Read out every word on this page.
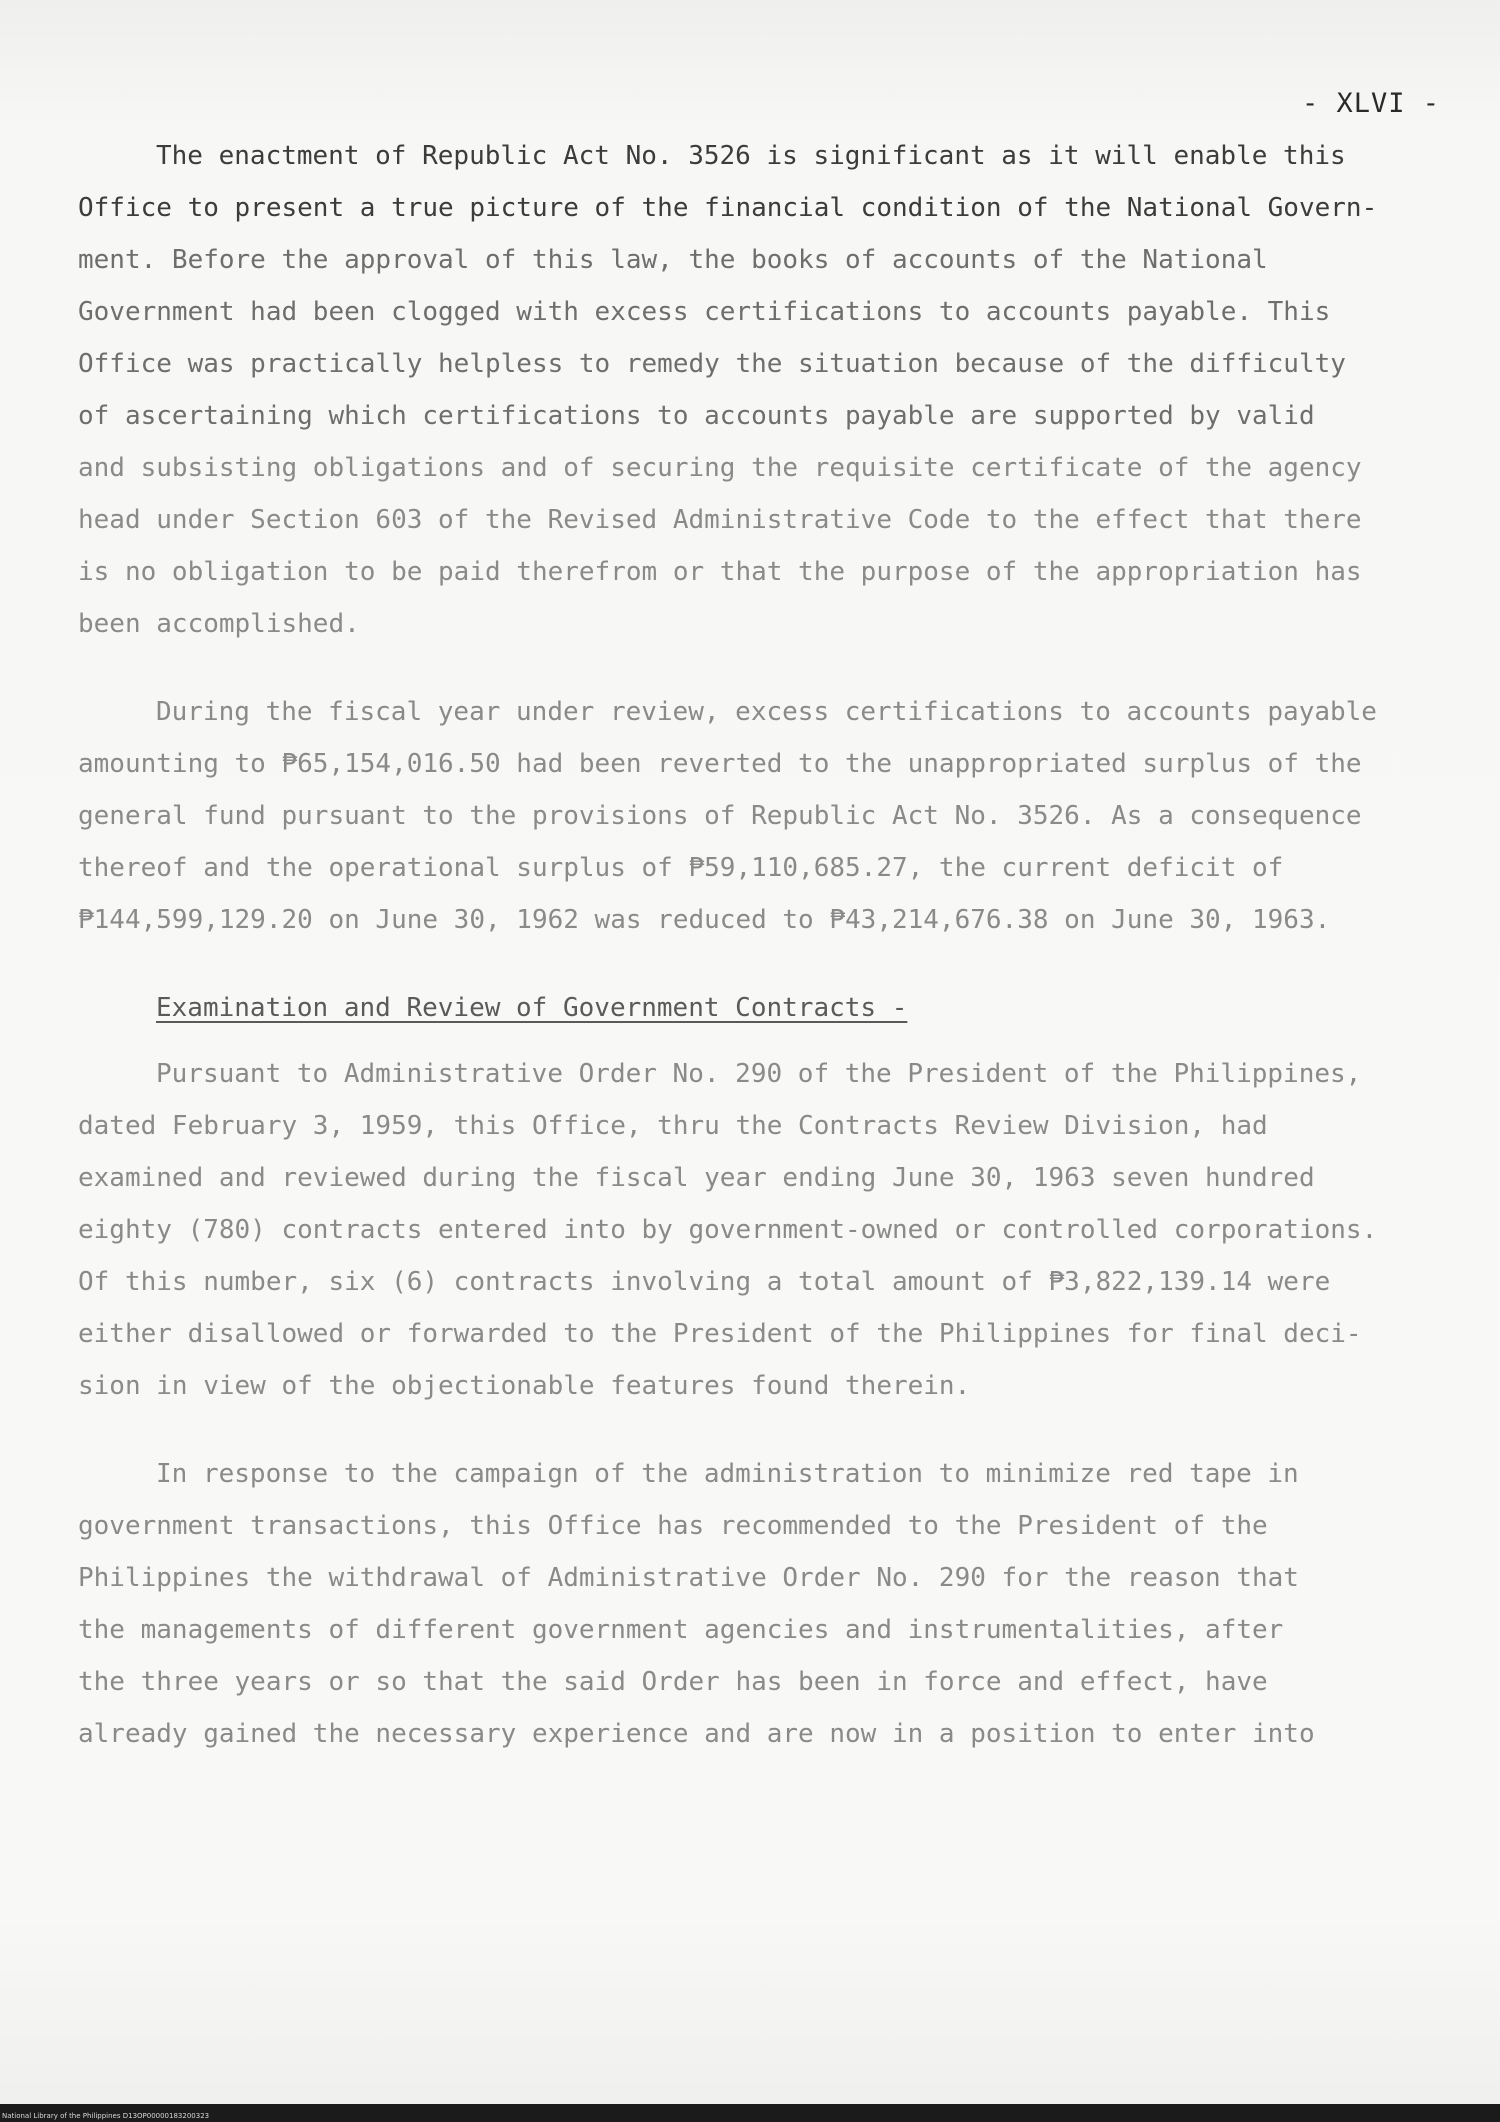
- XLVI -

The enactment of Republic Act No. 3526 is significant as it will enable this
Office to present a true picture of the financial condition of the National Govern-
ment. Before the approval of this law, the books of accounts of the National
Government had been clogged with excess certifications to accounts payable. This
Office was practically helpless to remedy the situation because of the difficulty
of ascertaining which certifications to accounts payable are supported by valid
and subsisting obligations and of securing the requisite certificate of the agency
head under Section 603 of the Revised Administrative Code to the effect that there
is no obligation to be paid therefrom or that the purpose of the appropriation has
been accomplished.

During the fiscal year under review, excess certifications to accounts payable
amounting to ₱65,154,016.50 had been reverted to the unappropriated surplus of the
general fund pursuant to the provisions of Republic Act No. 3526. As a consequence
thereof and the operational surplus of ₱59,110,685.27, the current deficit of
₱144,599,129.20 on June 30, 1962 was reduced to ₱43,214,676.38 on June 30, 1963.

Examination and Review of Government Contracts -

Pursuant to Administrative Order No. 290 of the President of the Philippines,
dated February 3, 1959, this Office, thru the Contracts Review Division, had
examined and reviewed during the fiscal year ending June 30, 1963 seven hundred
eighty (780) contracts entered into by government-owned or controlled corporations.
Of this number, six (6) contracts involving a total amount of ₱3,822,139.14 were
either disallowed or forwarded to the President of the Philippines for final deci-
sion in view of the objectionable features found therein.

In response to the campaign of the administration to minimize red tape in
government transactions, this Office has recommended to the President of the
Philippines the withdrawal of Administrative Order No. 290 for the reason that
the managements of different government agencies and instrumentalities, after
the three years or so that the said Order has been in force and effect, have
already gained the necessary experience and are now in a position to enter into

National Library of the Philippines D13OP00000183200323
